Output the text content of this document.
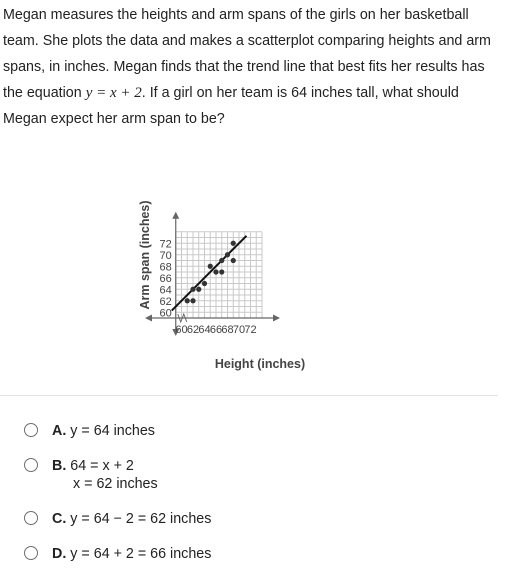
Megan measures the heights and arm spans of the girls on her basketball
team. She plots the data and makes a scatterplot comparing heights and arm
spans, in inches. Megan finds that the trend line that best fits her results has
the equation y = x + 2. If a girl on her team is 64 inches tall, what should
Megan expect her arm span to be?
60 62 64 66 68 70 72
60
62
64
66
68
70
72
Height (inches)
Arm span (inches)
A. y = 64 inches
B. 64 = x + 2
x = 62 inches
C. y = 64 − 2 = 62 inches
D. y = 64 + 2 = 66 inches
